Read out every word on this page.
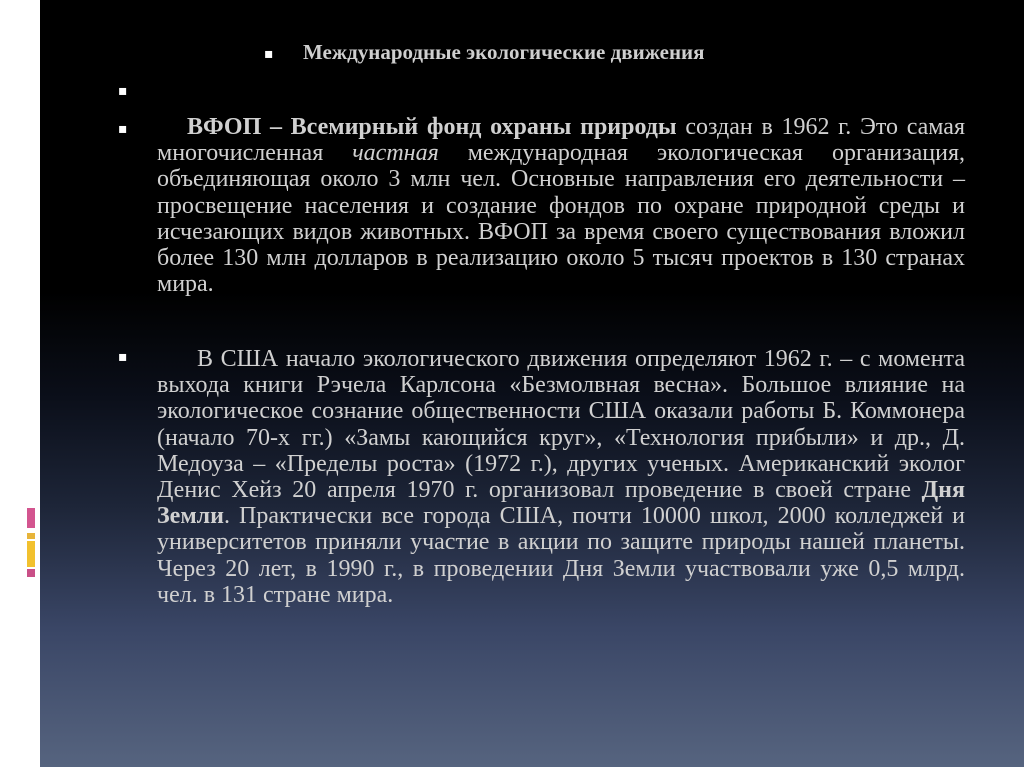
▪
▪
▪
▪
Международные экологические движения
ВФОП – Всемирный фонд охраны природы создан в 1962 г. Это самая многочисленная частная международная экологическая организация, объединяющая около 3 млн чел. Основные направления его деятельности – просвещение населения и создание фондов по охране природной среды и исчезающих видов животных. ВФОП за время своего существования вложил более 130 млн долларов в реализацию около 5 тысяч проектов в 130 странах мира.
В США начало экологического движения определяют 1962 г. – с момента выхода книги Рэчела Карлсона «Безмолвная весна». Большое влияние на экологическое сознание общественности США оказали работы Б. Коммонера (начало 70-х гг.) «Замы кающийся круг», «Технология прибыли» и др., Д. Медоуза – «Пределы роста» (1972 г.), других ученых. Американский эколог Денис Хейз 20 апреля 1970 г. организовал проведение в своей стране Дня Земли. Практически все города США, почти 10000 школ, 2000 колледжей и университетов приняли участие в акции по защите природы нашей планеты. Через 20 лет, в 1990 г., в проведении Дня Земли участвовали уже 0,5 млрд. чел. в 131 стране мира.
